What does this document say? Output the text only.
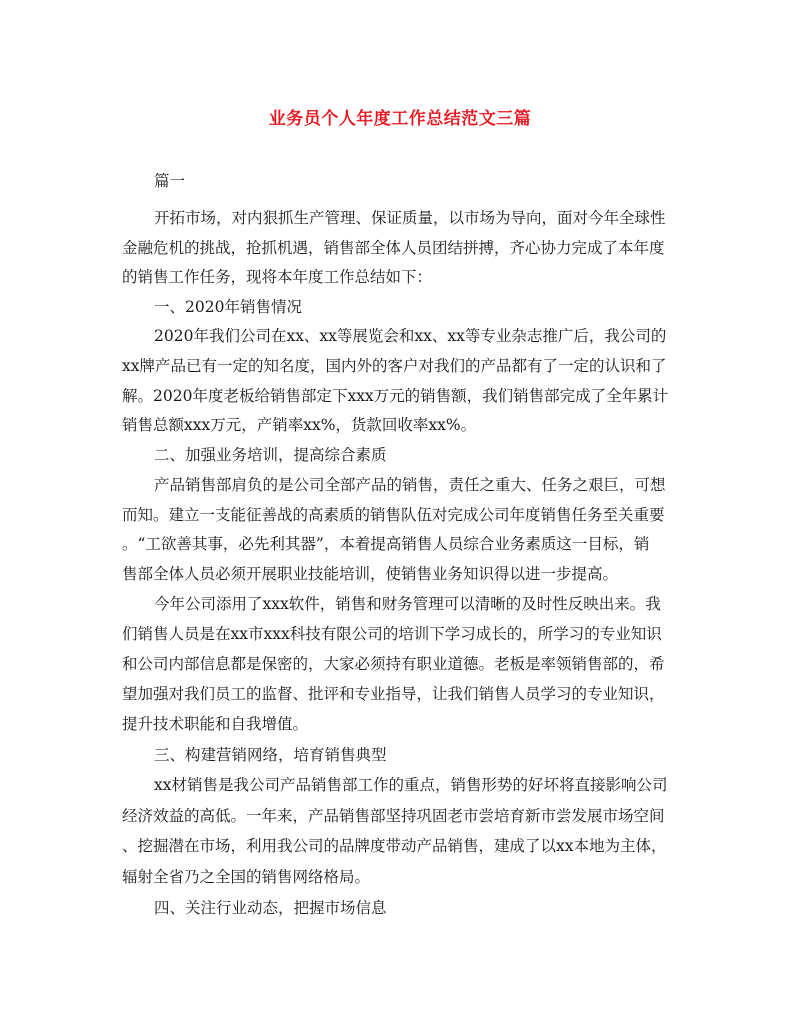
业务员个人年度工作总结范文三篇
篇一
开拓市场，对内狠抓生产管理、保证质量，以市场为导向，面对今年全球性
金融危机的挑战，抢抓机遇，销售部全体人员团结拼搏，齐心协力完成了本年度
的销售工作任务，现将本年度工作总结如下：
一、2020年销售情况
2020年我们公司在xx、xx等展览会和xx、xx等专业杂志推广后，我公司的
xx牌产品已有一定的知名度，国内外的客户对我们的产品都有了一定的认识和了
解。2020年度老板给销售部定下xxx万元的销售额，我们销售部完成了全年累计
销售总额xxx万元，产销率xx%，货款回收率xx%。
二、加强业务培训，提高综合素质
产品销售部肩负的是公司全部产品的销售，责任之重大、任务之艰巨，可想
而知。建立一支能征善战的高素质的销售队伍对完成公司年度销售任务至关重要
。“工欲善其事，必先利其器”，本着提高销售人员综合业务素质这一目标，销
售部全体人员必须开展职业技能培训，使销售业务知识得以进一步提高。
今年公司添用了xxx软件，销售和财务管理可以清晰的及时性反映出来。我
们销售人员是在xx市xxx科技有限公司的培训下学习成长的，所学习的专业知识
和公司内部信息都是保密的，大家必须持有职业道德。老板是率领销售部的，希
望加强对我们员工的监督、批评和专业指导，让我们销售人员学习的专业知识，
提升技术职能和自我增值。
三、构建营销网络，培育销售典型
xx材销售是我公司产品销售部工作的重点，销售形势的好坏将直接影响公司
经济效益的高低。一年来，产品销售部坚持巩固老市尝培育新市尝发展市场空间
、挖掘潜在市场，利用我公司的品牌度带动产品销售，建成了以xx本地为主体，
辐射全省乃之全国的销售网络格局。
四、关注行业动态，把握市场信息
